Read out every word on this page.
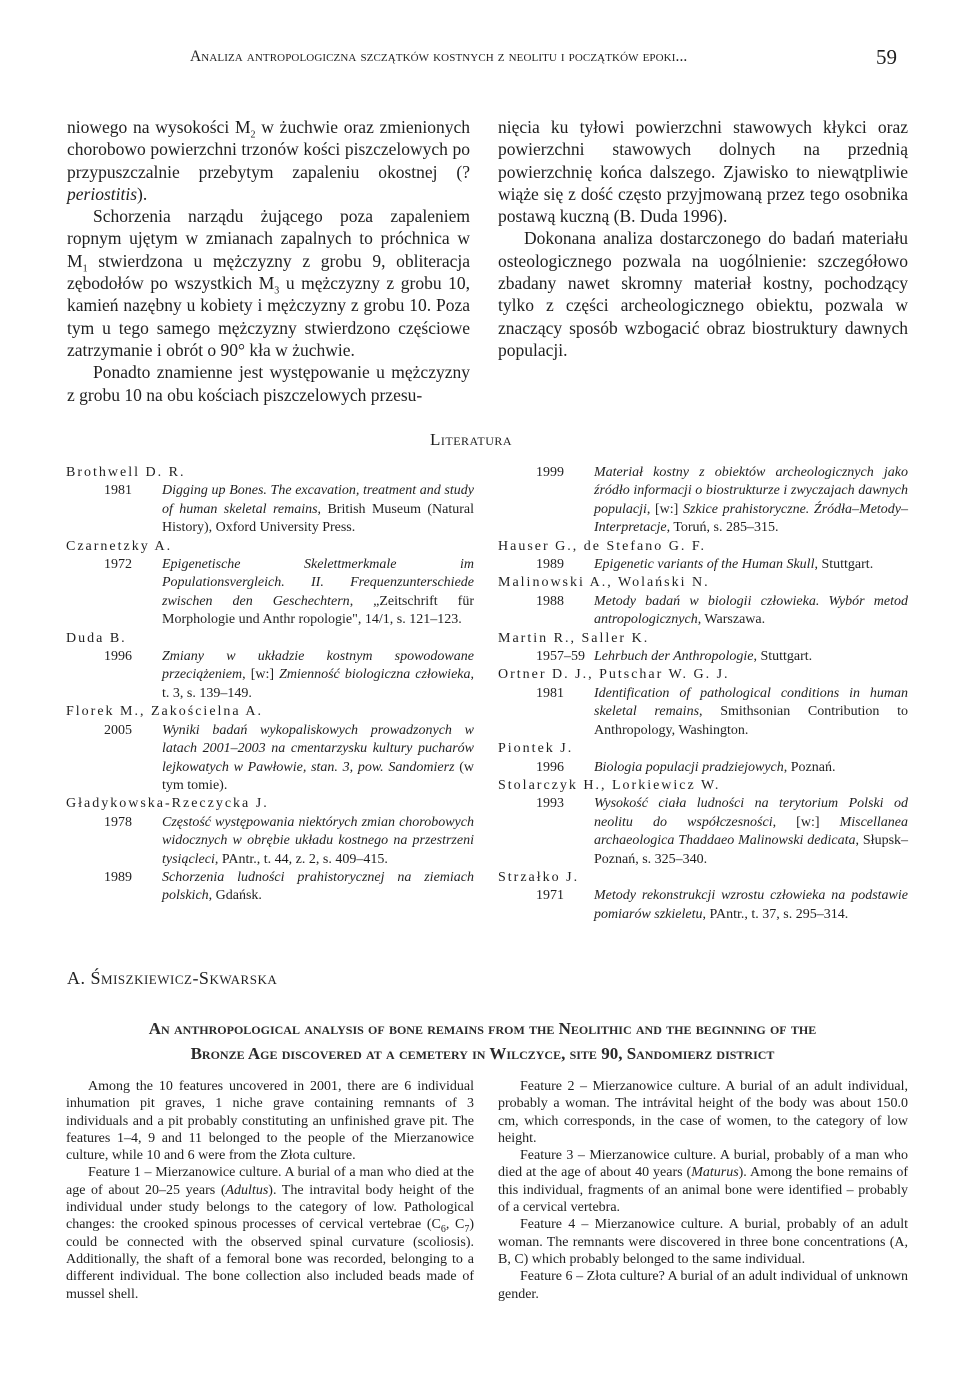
Analiza antropologiczna szczątków kostnych z neolitu i początków epoki...	59

niowego na wysokości $M_2$ w żuchwie oraz zmienionych chorobowo powierzchni trzonów kości piszczelowych po przypuszczalnie przebytym zapaleniu okostnej (? periostitis).

Schorzenia narządu żującego poza zapaleniem ropnym ujętym w zmianach zapalnych to próchnica w $M_1$ stwierdzona u mężczyzny z grobu 9, obliteracja zębodołów po wszystkich $M_3$ u mężczyzny z grobu 10, kamień nazębny u kobiety i mężczyzny z grobu 10. Poza tym u tego samego mężczyzny stwierdzono częściowe zatrzymanie i obrót o 90° kła w żuchwie.

Ponadto znamienne jest występowanie u mężczyzny z grobu 10 na obu kościach piszczelowych przesu-

nięcia ku tyłowi powierzchni stawowych kłykci oraz powierzchni stawowych dolnych na przednią powierzchnię końca dalszego. Zjawisko to niewątpliwie wiąże się z dość często przyjmowaną przez tego osobnika postawą kuczną (B. Duda 1996).

Dokonana analiza dostarczonego do badań materiału osteologicznego pozwala na uogólnienie: szczegółowo zbadany nawet skromny materiał kostny, pochodzący tylko z części archeologicznego obiektu, pozwala w znaczący sposób wzbogacić obraz biostruktury dawnych populacji.

Literatura
Brothwell D. R.
1981	Digging up Bones. The excavation, treatment and study of human skeletal remains, British Museum (Natural History), Oxford University Press.
Czarnetzky A.
1972	Epigenetische Skelettmerkmale im Populationsvergleich. II. Frequenzunterschiede zwischen den Geschechtern, „Zeitschrift für Morphologie und Anthr ropologie", 14/1, s. 121–123.
Duda B.
1996	Zmiany w układzie kostnym spowodowane przeciążeniem, [w:] Zmienność biologiczna człowieka, t. 3, s. 139–149.
Florek M., Zakościelna A.
2005	Wyniki badań wykopaliskowych prowadzonych w latach 2001–2003 na cmentarzysku kultury pucharów lejkowatych w Pawłowie, stan. 3, pow. Sandomierz (w tym tomie).
Gładykowska-Rzeczycka J.
1978	Częstość występowania niektórych zmian chorobowych widocznych w obrębie układu kostnego na przestrzeni tysiącleci, PAntr., t. 44, z. 2, s. 409–415.
1989	Schorzenia ludności prahistorycznej na ziemiach polskich, Gdańsk.
1999	Materiał kostny z obiektów archeologicznych jako źródło informacji o biostrukturze i zwyczajach dawnych populacji, [w:] Szkice prahistoryczne. Źródła–Metody–Interpretacje, Toruń, s. 285–315.
Hauser G., de Stefano G. F.
1989	Epigenetic variants of the Human Skull, Stuttgart.
Malinowski A., Wolański N.
1988	Metody badań w biologii człowieka. Wybór metod antropologicznych, Warszawa.
Martin R., Saller K.
1957–59 Lehrbuch der Anthropologie, Stuttgart.
Ortner D. J., Putschar W. G. J.
1981	Identification of pathological conditions in human skeletal remains, Smithsonian Contribution to Anthropology, Washington.
Piontek J.
1996	Biologia populacji pradziejowych, Poznań.
Stolarczyk H., Lorkiewicz W.
1993	Wysokość ciała ludności na terytorium Polski od neolitu do współczesności, [w:] Miscellanea archaeologica Thaddaeo Malinowski dedicata, Słupsk–Poznań, s. 325–340.
Strzałko J.
1971	Metody rekonstrukcji wzrostu człowieka na podstawie pomiarów szkieletu, PAntr., t. 37, s. 295–314.
A. Śmiszkiewicz-Skwarska
An anthropological analysis of bone remains from the Neolithic and the beginning of the
Bronze Age discovered at a cemetery in Wilczyce, site 90, Sandomierz district

Among the 10 features uncovered in 2001, there are 6 individual inhumation pit graves, 1 niche grave containing remnants of 3 individuals and a pit probably constituting an unfinished grave pit. The features 1–4, 9 and 11 belonged to the people of the Mierzanowice culture, while 10 and 6 were from the Złota culture.

Feature 1 – Mierzanowice culture. A burial of a man who died at the age of about 20–25 years (Adultus). The intravital body height of the individual under study belongs to the category of low. Pathological changes: the crooked spinous processes of cervical vertebrae ($C_6$, $C_7$) could be connected with the observed spinal curvature (scoliosis). Additionally, the shaft of a femoral bone was recorded, belonging to a different individual. The bone collection also included beads made of mussel shell.

Feature 2 – Mierzanowice culture. A burial of an adult individual, probably a woman. The intrávital height of the body was about 150.0 cm, which corresponds, in the case of women, to the category of low height.

Feature 3 – Mierzanowice culture. A burial, probably of a man who died at the age of about 40 years (Maturus). Among the bone remains of this individual, fragments of an animal bone were identified – probably of a cervical vertebra.

Feature 4 – Mierzanowice culture. A burial, probably of an adult woman. The remnants were discovered in three bone concentrations (A, B, C) which probably belonged to the same individual.

Feature 6 – Złota culture? A burial of an adult individual of unknown gender.
